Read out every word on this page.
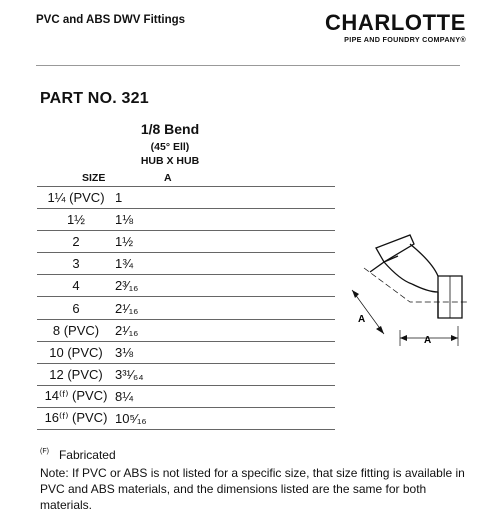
PVC and ABS DWV Fittings	CHARLOTTE
PIPE AND FOUNDRY COMPANY®
PART NO. 321
1/8 Bend
(45° Ell)
HUB X HUB
SIZE	A
1¼ (PVC)	1
1½	1⅛
2	1½
3	1¾
4	2³⁄₁₆
6	2¹⁄₁₆
8 (PVC)	2¹⁄₁₆
10 (PVC)	3⅛
12 (PVC)	3³¹⁄₆₄
14⁽ᶠ⁾ (PVC)	8¼
16⁽ᶠ⁾ (PVC)	10⁵⁄₁₆
A
A
$^{(F)}$ Fabricated
Note: If PVC or ABS is not listed for a specific size, that size fitting is available in PVC and ABS materials, and the dimensions listed are the same for both materials.
